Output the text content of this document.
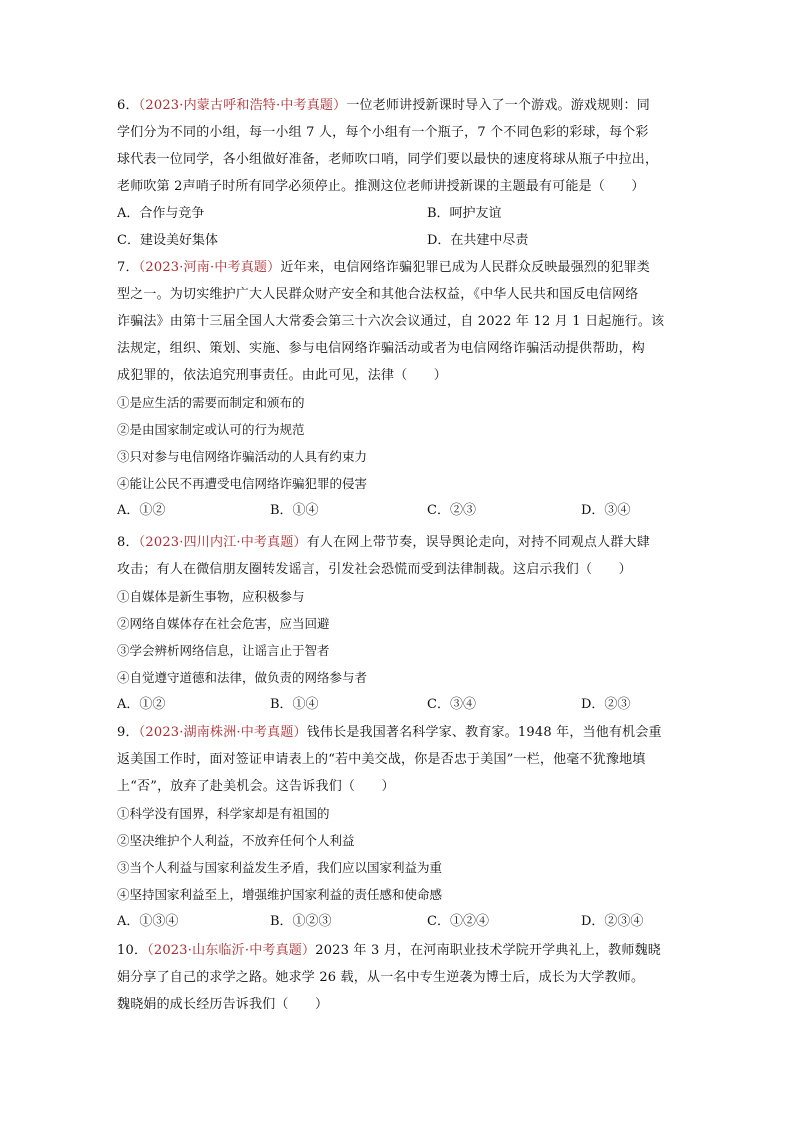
6．（2023·内蒙古呼和浩特·中考真题）一位老师讲授新课时导入了一个游戏。游戏规则：同
学们分为不同的小组，每一小组 7 人，每个小组有一个瓶子，7 个不同色彩的彩球，每个彩
球代表一位同学，各小组做好准备，老师吹口哨，同学们要以最快的速度将球从瓶子中拉出，
老师吹第 2声哨子时所有同学必须停止。推测这位老师讲授新课的主题最有可能是（　　）
A．合作与竞争	B．呵护友谊
C．建设美好集体	D．在共建中尽责
7．（2023·河南·中考真题）近年来，电信网络诈骗犯罪已成为人民群众反映最强烈的犯罪类
型之一。为切实维护广大人民群众财产安全和其他合法权益，《中华人民共和国反电信网络
诈骗法》由第十三届全国人大常委会第三十六次会议通过，自 2022 年 12 月 1 日起施行。该
法规定，组织、策划、实施、参与电信网络诈骗活动或者为电信网络诈骗活动提供帮助，构
成犯罪的，依法追究刑事责任。由此可见，法律（　　）
①是应生活的需要而制定和颁布的
②是由国家制定或认可的行为规范
③只对参与电信网络诈骗活动的人具有约束力
④能让公民不再遭受电信网络诈骗犯罪的侵害
A．①②	B．①④	C．②③	D．③④
8．（2023·四川内江·中考真题）有人在网上带节奏，误导舆论走向，对持不同观点人群大肆
攻击；有人在微信朋友圈转发谣言，引发社会恐慌而受到法律制裁。这启示我们（　　）
①自媒体是新生事物，应积极参与
②网络自媒体存在社会危害，应当回避
③学会辨析网络信息，让谣言止于智者
④自觉遵守道德和法律，做负责的网络参与者
A．①②	B．①④	C．③④	D．②③
9．（2023·湖南株洲·中考真题）钱伟长是我国著名科学家、教育家。1948 年，当他有机会重
返美国工作时，面对签证申请表上的“若中美交战，你是否忠于美国”一栏，他毫不犹豫地填
上“否”，放弃了赴美机会。这告诉我们（　　）
①科学没有国界，科学家却是有祖国的
②坚决维护个人利益，不放弃任何个人利益
③当个人利益与国家利益发生矛盾，我们应以国家利益为重
④坚持国家利益至上，增强维护国家利益的责任感和使命感
A．①③④	B．①②③	C．①②④	D．②③④
10．（2023·山东临沂·中考真题）2023 年 3 月，在河南职业技术学院开学典礼上，教师魏晓
娟分享了自己的求学之路。她求学 26 载，从一名中专生逆袭为博士后，成长为大学教师。
魏晓娟的成长经历告诉我们（　　）
